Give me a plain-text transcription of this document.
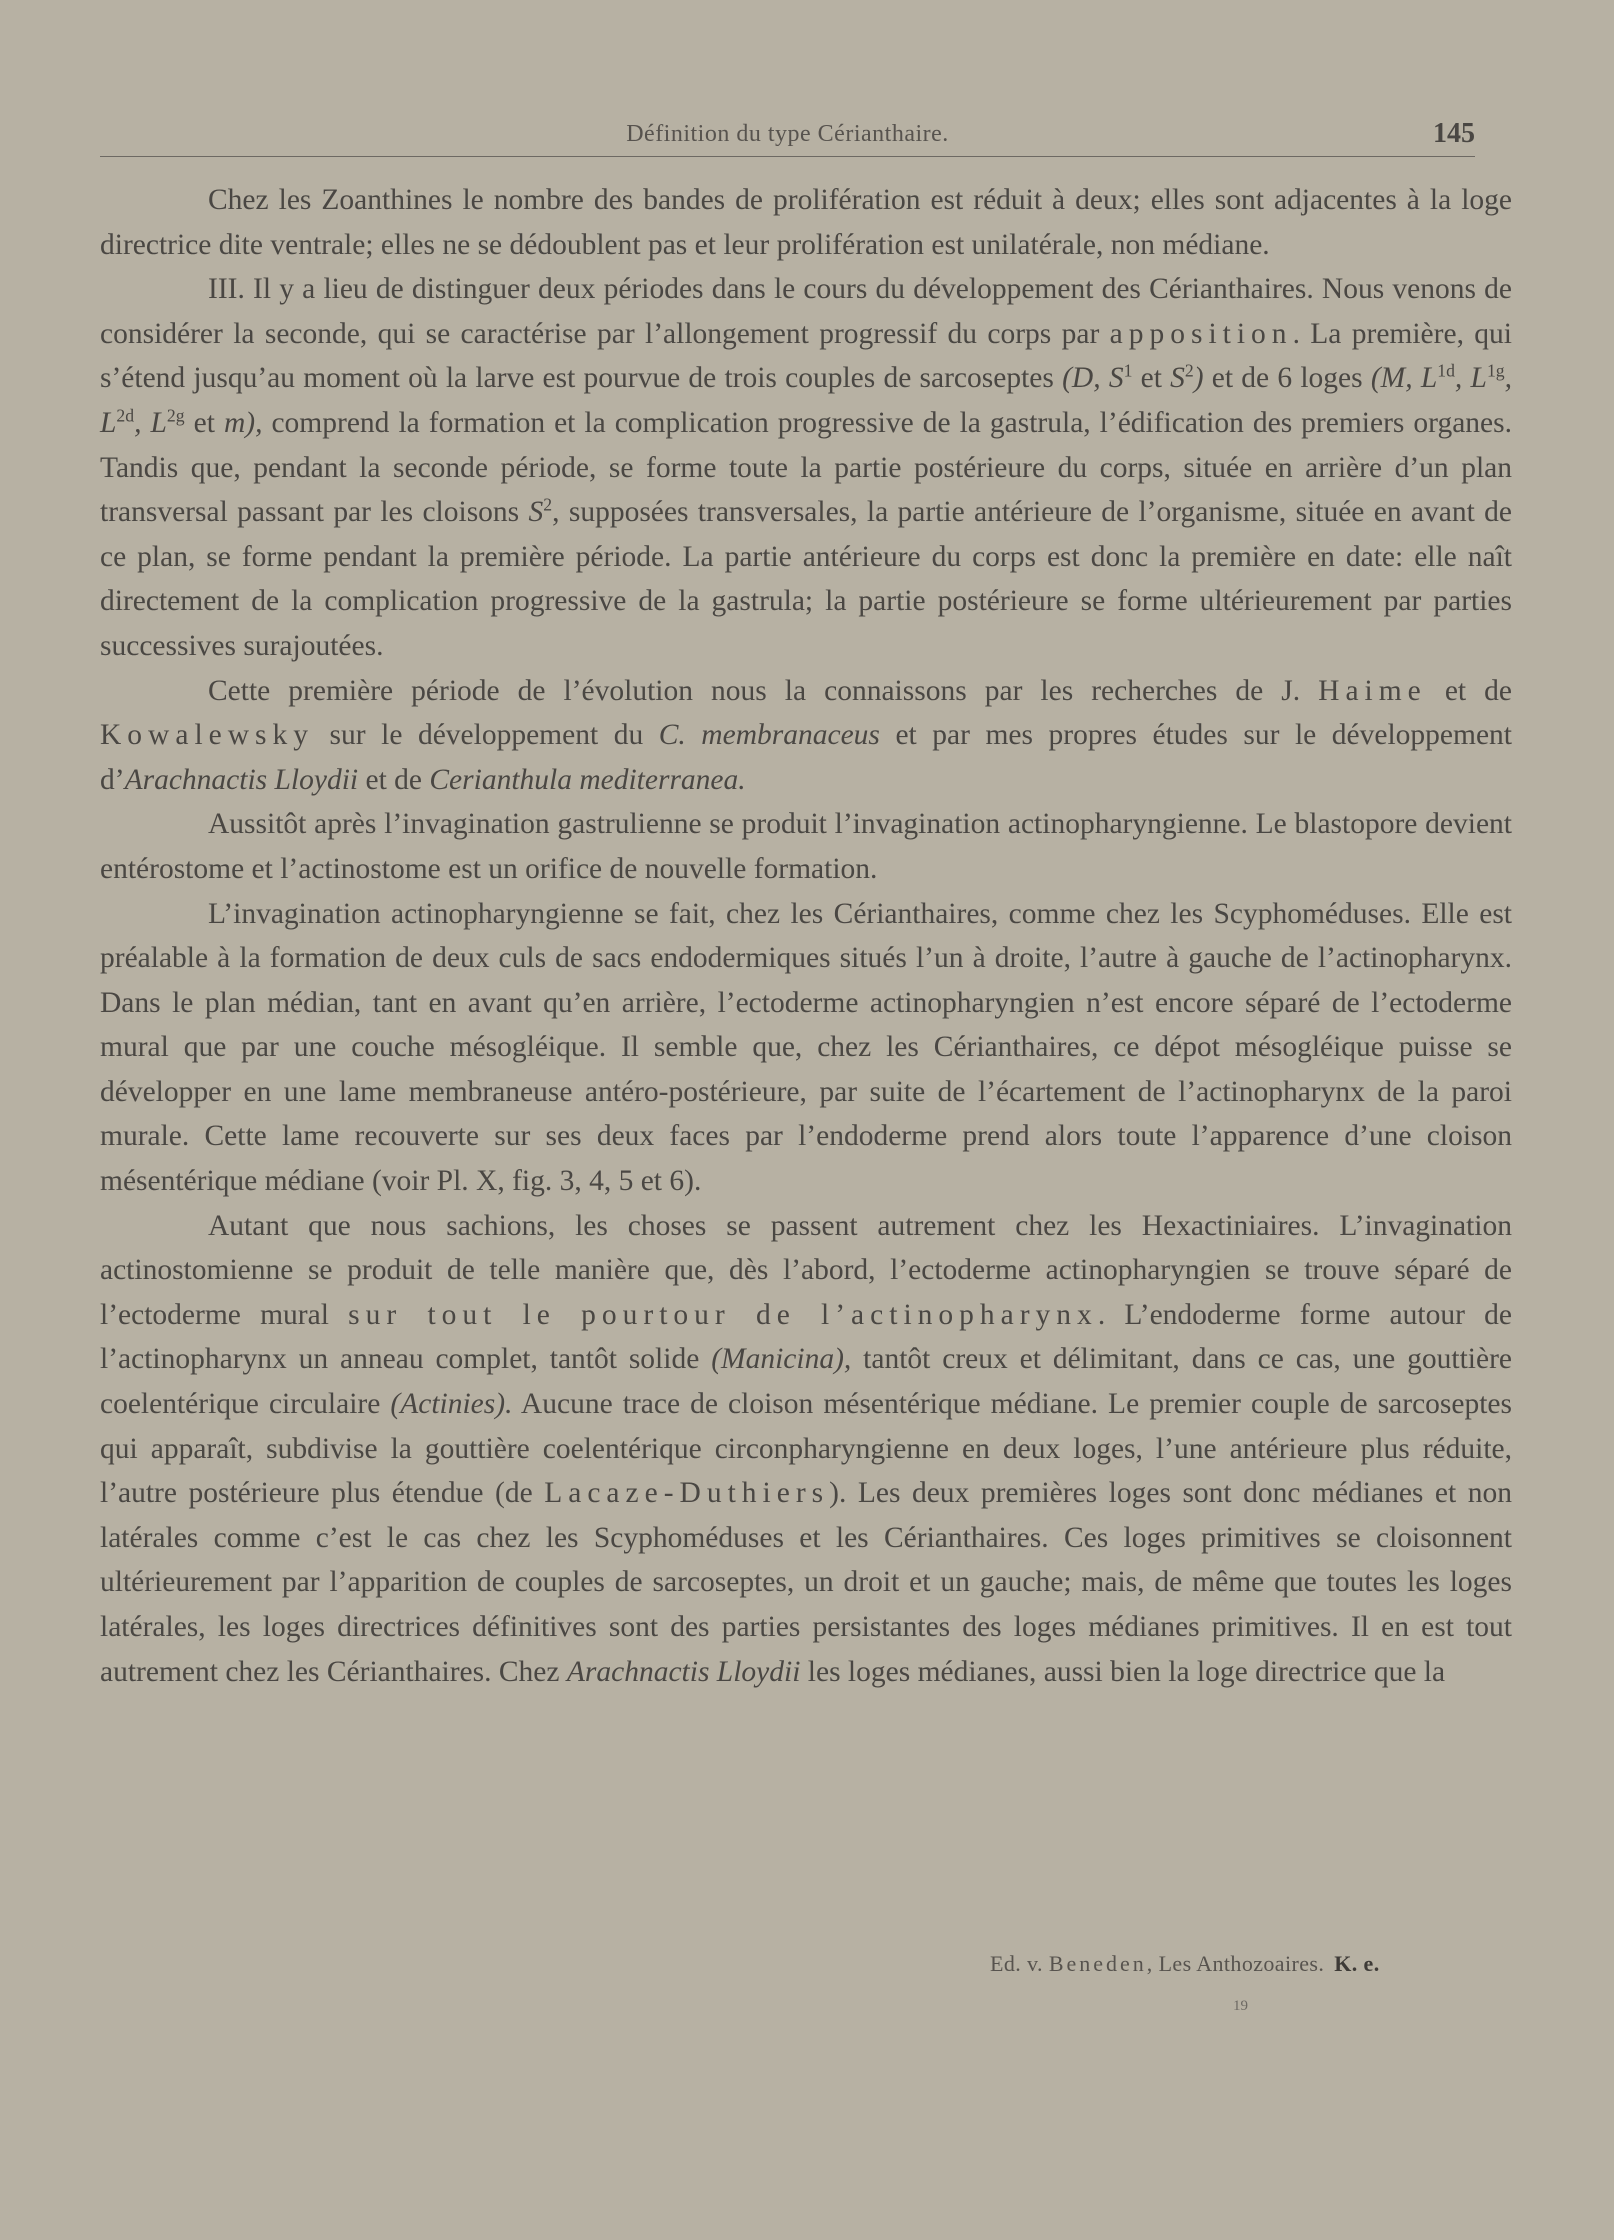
Définition du type Cérianthaire.	145

Chez les Zoanthines le nombre des bandes de prolifération est réduit à deux; elles sont adjacentes à la loge directrice dite ventrale; elles ne se dédoublent pas et leur prolifération est unilatérale, non médiane.

III. Il y a lieu de distinguer deux périodes dans le cours du développement des Cérianthaires. Nous venons de considérer la seconde, qui se caractérise par l’allongement progressif du corps par apposition. La première, qui s’étend jusqu’au moment où la larve est pourvue de trois couples de sarcoseptes (D, $S^1$ et $S^2$) et de 6 loges (M, $L^{1d}$, $L^{1g}$, $L^{2d}$, $L^{2g}$ et m), comprend la formation et la complication progressive de la gastrula, l’édification des premiers organes. Tandis que, pendant la seconde période, se forme toute la partie postérieure du corps, située en arrière d’un plan transversal passant par les cloisons $S^2$, supposées transversales, la partie antérieure de l’organisme, située en avant de ce plan, se forme pendant la première période. La partie antérieure du corps est donc la première en date: elle naît directement de la complication progressive de la gastrula; la partie postérieure se forme ultérieurement par parties successives surajoutées.

Cette première période de l’évolution nous la connaissons par les recherches de J. Haime et de Kowalewsky sur le développement du C. membranaceus et par mes propres études sur le développement d’Arachnactis Lloydii et de Cerianthula mediterranea.

Aussitôt après l’invagination gastrulienne se produit l’invagination actinopharyngienne. Le blastopore devient entérostome et l’actinostome est un orifice de nouvelle formation.

L’invagination actinopharyngienne se fait, chez les Cérianthaires, comme chez les Scyphoméduses. Elle est préalable à la formation de deux culs de sacs endodermiques situés l’un à droite, l’autre à gauche de l’actinopharynx. Dans le plan médian, tant en avant qu’en arrière, l’ectoderme actinopharyngien n’est encore séparé de l’ectoderme mural que par une couche mésogléique. Il semble que, chez les Cérianthaires, ce dépot mésogléique puisse se développer en une lame membraneuse antéro-postérieure, par suite de l’écartement de l’actinopharynx de la paroi murale. Cette lame recouverte sur ses deux faces par l’endoderme prend alors toute l’apparence d’une cloison mésentérique médiane (voir Pl. X, fig. 3, 4, 5 et 6).

Autant que nous sachions, les choses se passent autrement chez les Hexactiniaires. L’invagination actinostomienne se produit de telle manière que, dès l’abord, l’ectoderme actinopharyngien se trouve séparé de l’ectoderme mural sur tout le pourtour de l’actinopharynx. L’endoderme forme autour de l’actinopharynx un anneau complet, tantôt solide (Manicina), tantôt creux et délimitant, dans ce cas, une gouttière coelentérique circulaire (Actinies). Aucune trace de cloison mésentérique médiane. Le premier couple de sarcoseptes qui apparaît, subdivise la gouttière coelentérique circonpharyngienne en deux loges, l’une antérieure plus réduite, l’autre postérieure plus étendue (de Lacaze-Duthiers). Les deux premières loges sont donc médianes et non latérales comme c’est le cas chez les Scyphoméduses et les Cérianthaires. Ces loges primitives se cloisonnent ultérieurement par l’apparition de couples de sarcoseptes, un droit et un gauche; mais, de même que toutes les loges latérales, les loges directrices définitives sont des parties persistantes des loges médianes primitives. Il en est tout autrement chez les Cérianthaires. Chez Arachnactis Lloydii les loges médianes, aussi bien la loge directrice que la

Ed. v. Beneden, Les Anthozoaires. K. e.
19
